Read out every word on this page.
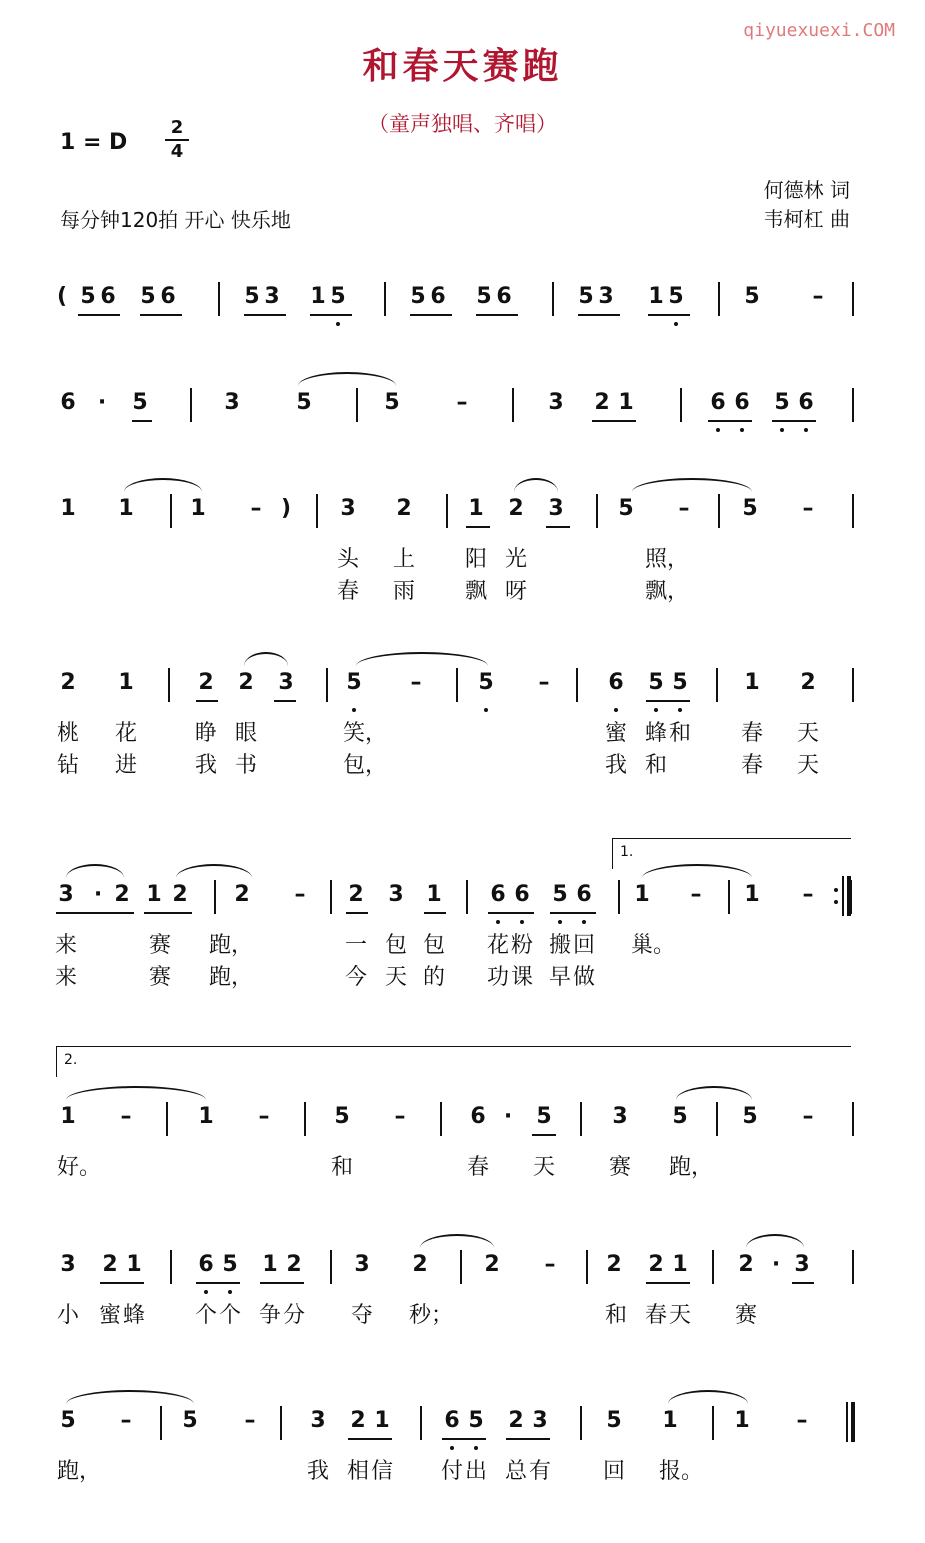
qiyuexuexi.COM
和春天赛跑
（童声独唱、齐唱）
1 = D
2
4
何德林 词
韦柯杠 曲
每分钟120拍 开心 快乐地
( 5 6 5 6	5 3 1 5	5 6 5 6	5 3 1 5	5 –
6	·	5	3	5	5	–	3 2 1	6 6 5 6
1 1	1 – ) 3 2	1 2 3 5 – 5 –
头 上 阳 光	照，
春 雨 飘 呀	飘，
2 1	2 2 3 5 –	5 –	6 5 5	1 2
桃 花	睁 眼	笑，	蜜 蜂 和 春 天
钻 进	我 书	包，	我 和	春 天
3 · 2 1 2 2 – 2 3 1 6 6 5 6 1 – 1 –
来	赛 跑，	一 包 包 花 粉 搬 回 巢。
来	赛 跑，	今 天 的 功 课 早 做
1.
1 –	1 –	5 –	6 ·	5	3 5 5 –
好。	和	春 天 赛 跑，
2.
3 2 1	6 5 1 2 3 2	2 – 2 2 1 2 · 3
小 蜜 蜂 个 个 争 分 夺 秒；	和 春 天 赛
5 – 5 – 3 2 1 6 5 2 3	5 1	1 –
跑，	我 相 信 付 出 总 有 回 报。
